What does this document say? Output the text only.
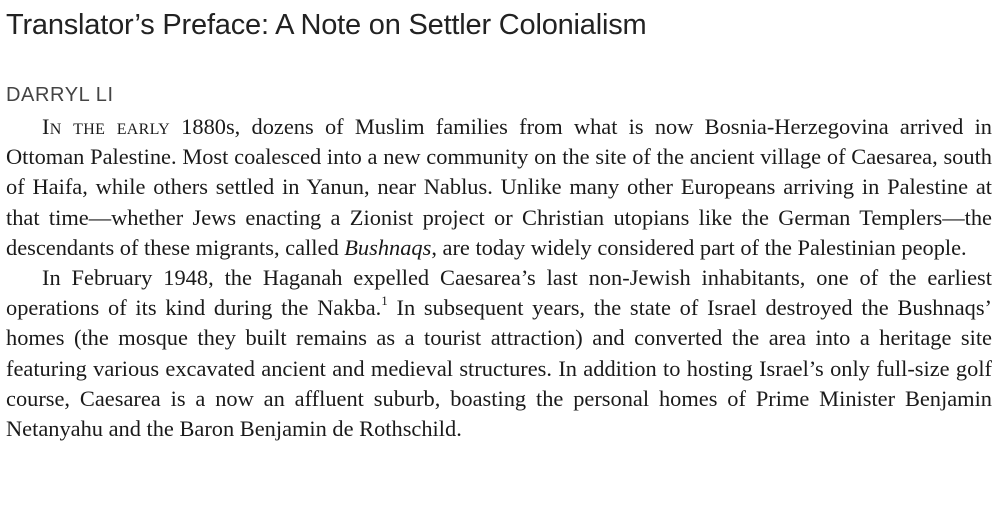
Translator’s Preface: A Note on Settler Colonialism
DARRYL LI

In the early 1880s, dozens of Muslim families from what is now Bosnia-Herzegovina arrived in Ottoman Palestine. Most coalesced into a new community on the site of the ancient village of Caesarea, south of Haifa, while others settled in Yanun, near Nablus. Unlike many other Europeans arriving in Palestine at that time—whether Jews enacting a Zionist project or Christian utopians like the German Templers—the descendants of these migrants, called Bushnaqs, are today widely considered part of the Palestinian people.

In February 1948, the Haganah expelled Caesarea’s last non-Jewish inhabitants, one of the earliest operations of its kind during the Nakba.$^1$ In subsequent years, the state of Israel destroyed the Bushnaqs’ homes (the mosque they built remains as a tourist attraction) and converted the area into a heritage site featuring various excavated ancient and medieval structures. In addition to hosting Israel’s only full-size golf course, Caesarea is a now an affluent suburb, boasting the personal homes of Prime Minister Benjamin Netanyahu and the Baron Benjamin de Rothschild.
